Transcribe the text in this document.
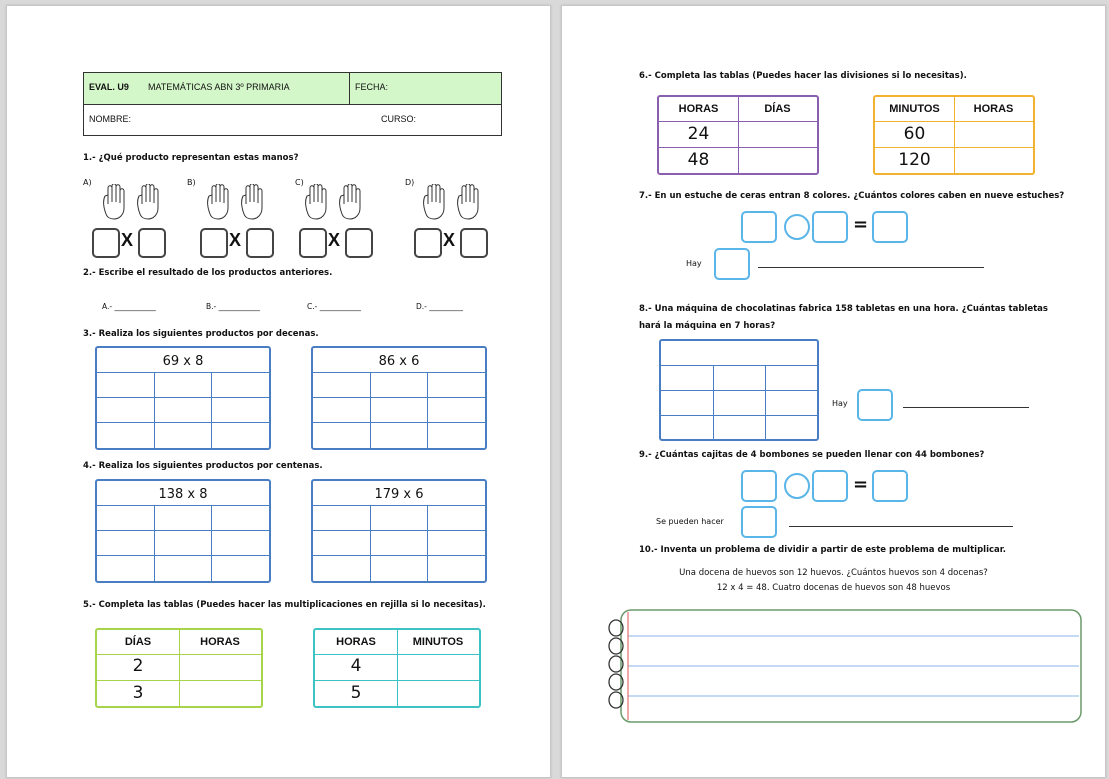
EVAL. U9 MATEMÁTICAS ABN 3º PRIMARIA	FECHA:
NOMBRE:	CURSO:
1.- ¿Qué producto representan estas manos?
A)	B)	C)	D)
X	X	X	X
2.- Escribe el resultado de los productos anteriores.
A.- ___________	B.- ___________	C.- ___________	D.- _________
3.- Realiza los siguientes productos por decenas.
69 x 8	86 x 6
4.- Realiza los siguientes productos por centenas.
138 x 8	179 x 6
5.- Completa las tablas (Puedes hacer las multiplicaciones en rejilla si lo necesitas).
DÍAS	HORAS
2
3
HORAS	MINUTOS
4
5
6.- Completa las tablas (Puedes hacer las divisiones si lo necesitas).
HORAS	DÍAS
24
48
MINUTOS	HORAS
60
120
7.- En un estuche de ceras entran 8 colores. ¿Cuántos colores caben en nueve estuches?
=
Hay
8.- Una máquina de chocolatinas fabrica 158 tabletas en una hora. ¿Cuántas tabletas
hará la máquina en 7 horas?
Hay
9.- ¿Cuántas cajitas de 4 bombones se pueden llenar con 44 bombones?
=
Se pueden hacer
10.- Inventa un problema de dividir a partir de este problema de multiplicar.
Una docena de huevos son 12 huevos. ¿Cuántos huevos son 4 docenas?
12 x 4 = 48. Cuatro docenas de huevos son 48 huevos
